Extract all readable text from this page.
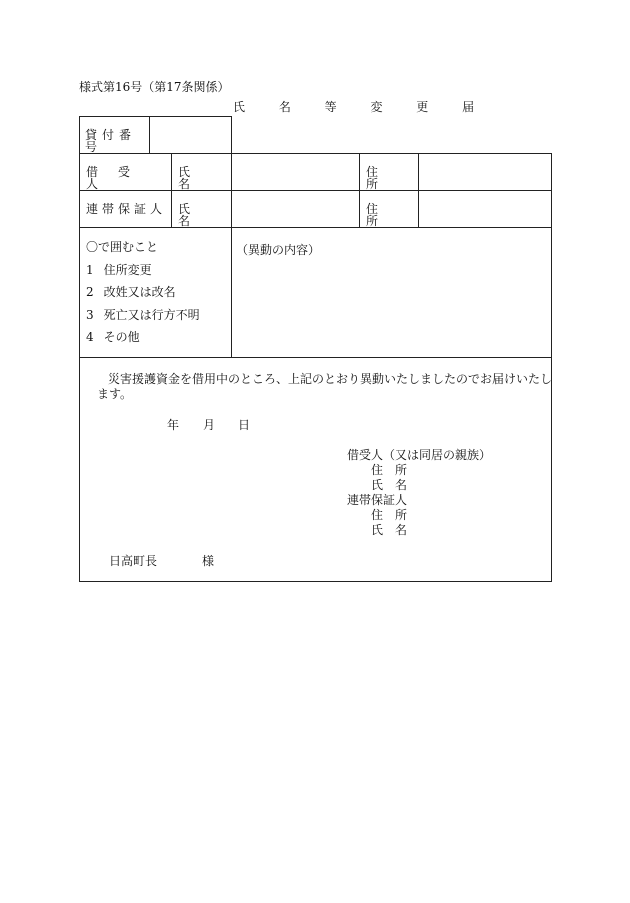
様式第16号（第17条関係）
氏 名 等 変 更 届
貸付番号
借受人
氏名
住所
連帯保証人 氏名
住所
〇で囲むこと
1 住所変更
2 改姓又は改名
3 死亡又は行方不明
4 その他
（異動の内容）
災害援護資金を借用中のところ、上記のとおり異動いたしましたのでお届けいたし
ます。
年 月 日
借受人（又は同居の親族）
住　所
氏　名
連帯保証人
住　所
氏　名
日高町長	様
